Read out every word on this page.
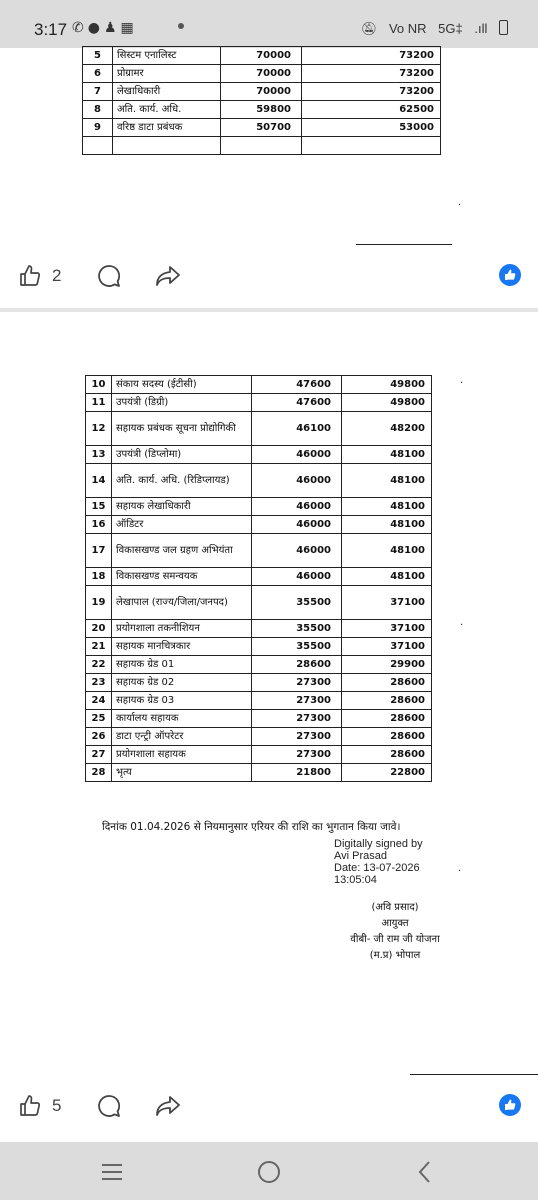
3:17 ✆●♟▦	🔕︎ Vo NR 5G‡ .ıll
5	सिस्टम एनालिस्ट	70000	73200
6	प्रोग्रामर	70000	73200
7	लेखाधिकारी	70000	73200
8	अति. कार्य. अधि.	59800	62500
9	वरिष्ठ डाटा प्रबंधक	50700	53000

·
2
10	संकाय सदस्य (ईटीसी)	47600	49800
11	उपयंत्री (डिग्री)	47600	49800
12	सहायक प्रबंधक सूचना प्रोद्योगिकी	46100	48200
13	उपयंत्री (डिप्लोमा)	46000	48100
14	अति. कार्य. अधि. (रिडिप्लायड)	46000	48100
15	सहायक लेखाधिकारी	46000	48100
16	ऑडिटर	46000	48100
17	विकासखण्ड जल ग्रहण अभियंता	46000	48100
18	विकासखण्ड समन्वयक	46000	48100
19	लेखापाल (राज्य/जिला/जनपद)	35500	37100
20	प्रयोगशाला तकनीशियन	35500	37100
21	सहायक मानचित्रकार	35500	37100
22	सहायक ग्रेड 01	28600	29900
23	सहायक ग्रेड 02	27300	28600
24	सहायक ग्रेड 03	27300	28600
25	कार्यालय सहायक	27300	28600
26	डाटा एन्ट्री ऑपरेटर	27300	28600
27	प्रयोगशाला सहायक	27300	28600
28	भृत्य	21800	22800
·
·
·
दिनांक 01.04.2026 से नियमानुसार एरियर की राशि का भुगतान किया जावे।
Digitally signed by
Avi Prasad
Date: 13-07-2026
13:05:04
(अवि प्रसाद)
आयुक्त
वीबी- जी राम जी योजना
(म.प्र) भोपाल
5
